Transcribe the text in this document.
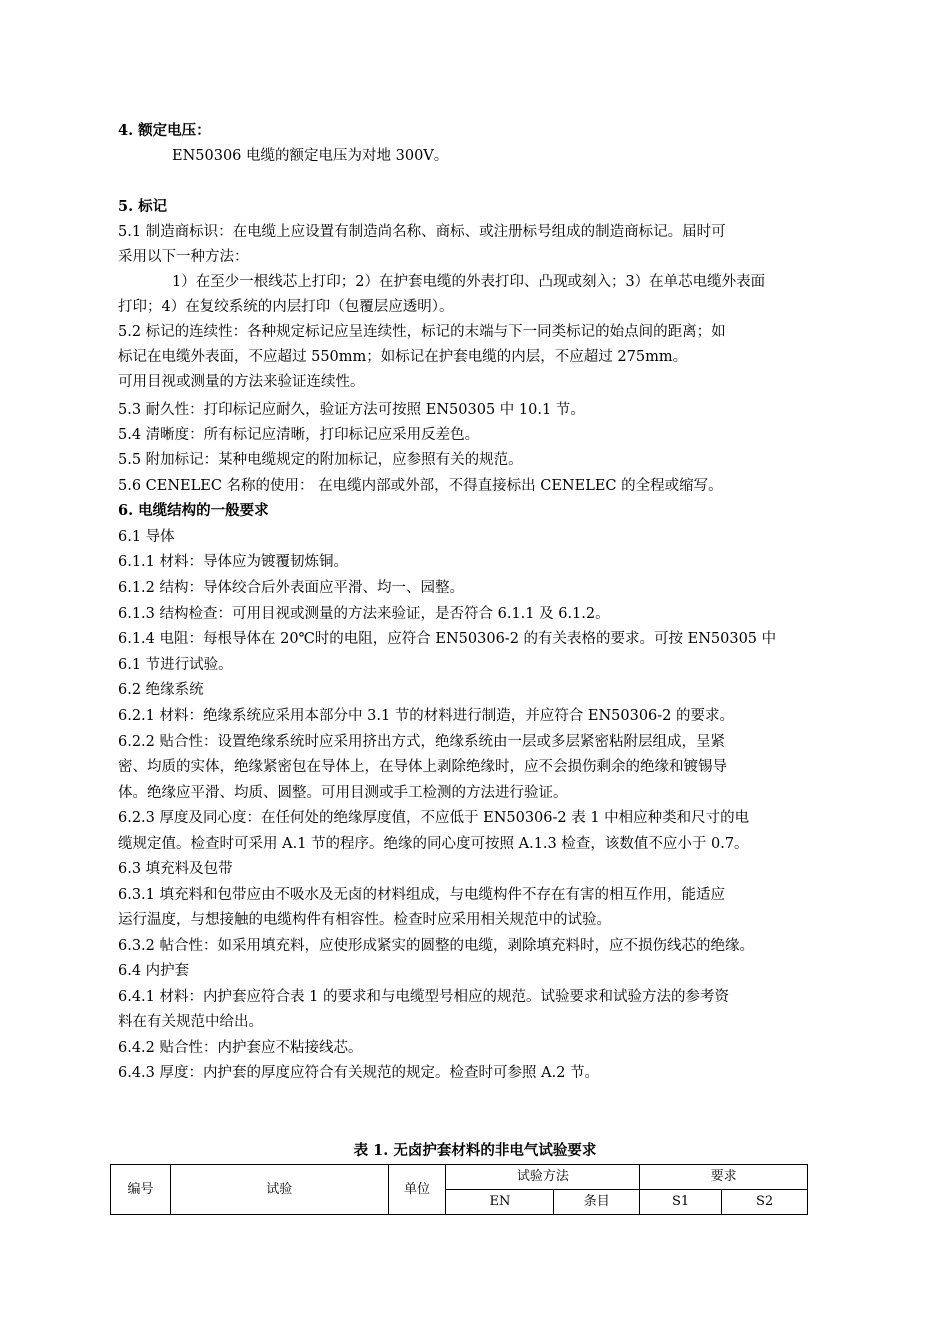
4. 额定电压：
EN50306 电缆的额定电压为对地 300V。
5. 标记
5.1 制造商标识：在电缆上应设置有制造尚名称、商标、或注册标号组成的制造商标记。届时可
采用以下一种方法：
1）在至少一根线芯上打印；2）在护套电缆的外表打印、凸现或刻入；3）在单芯电缆外表面
打印；4）在复绞系统的内层打印（包覆层应透明）。
5.2 标记的连续性：各种规定标记应呈连续性，标记的末端与下一同类标记的始点间的距离；如
标记在电缆外表面，不应超过 550mm；如标记在护套电缆的内层，不应超过 275mm。
可用目视或测量的方法来验证连续性。
5.3 耐久性：打印标记应耐久，验证方法可按照 EN50305 中 10.1 节。
5.4 清晰度：所有标记应清晰，打印标记应采用反差色。
5.5 附加标记：某种电缆规定的附加标记，应参照有关的规范。
5.6 CENELEC 名称的使用： 在电缆内部或外部，不得直接标出 CENELEC 的全程或缩写。
6. 电缆结构的一般要求
6.1 导体
6.1.1 材料：导体应为镀覆韧炼铜。
6.1.2 结构：导体绞合后外表面应平滑、均一、园整。
6.1.3 结构检查：可用目视或测量的方法来验证，是否符合 6.1.1 及 6.1.2。
6.1.4 电阻：每根导体在 20℃时的电阻，应符合 EN50306-2 的有关表格的要求。可按 EN50305 中
6.1 节进行试验。
6.2 绝缘系统
6.2.1 材料：绝缘系统应采用本部分中 3.1 节的材料进行制造，并应符合 EN50306-2 的要求。
6.2.2 贴合性：设置绝缘系统时应采用挤出方式，绝缘系统由一层或多层紧密粘附层组成，呈紧
密、均质的实体，绝缘紧密包在导体上，在导体上剥除绝缘时，应不会损伤剩余的绝缘和镀锡导
体。绝缘应平滑、均质、圆整。可用目测或手工检测的方法进行验证。
6.2.3 厚度及同心度：在任何处的绝缘厚度值，不应低于 EN50306-2 表 1 中相应种类和尺寸的电
缆规定值。检查时可采用 A.1 节的程序。绝缘的同心度可按照 A.1.3 检查，该数值不应小于 0.7。
6.3 填充料及包带
6.3.1 填充料和包带应由不吸水及无卤的材料组成，与电缆构件不存在有害的相互作用，能适应
运行温度，与想接触的电缆构件有相容性。检查时应采用相关规范中的试验。
6.3.2 帖合性：如采用填充料，应使形成紧实的圆整的电缆，剥除填充料时，应不损伤线芯的绝缘。
6.4 内护套
6.4.1 材料：内护套应符合表 1 的要求和与电缆型号相应的规范。试验要求和试验方法的参考资
料在有关规范中给出。
6.4.2 贴合性：内护套应不粘接线芯。
6.4.3 厚度：内护套的厚度应符合有关规范的规定。检查时可参照 A.2 节。
表 1. 无卤护套材料的非电气试验要求
编号	试验	单位	试验方法		要求	
			EN	条目	S1	S2
